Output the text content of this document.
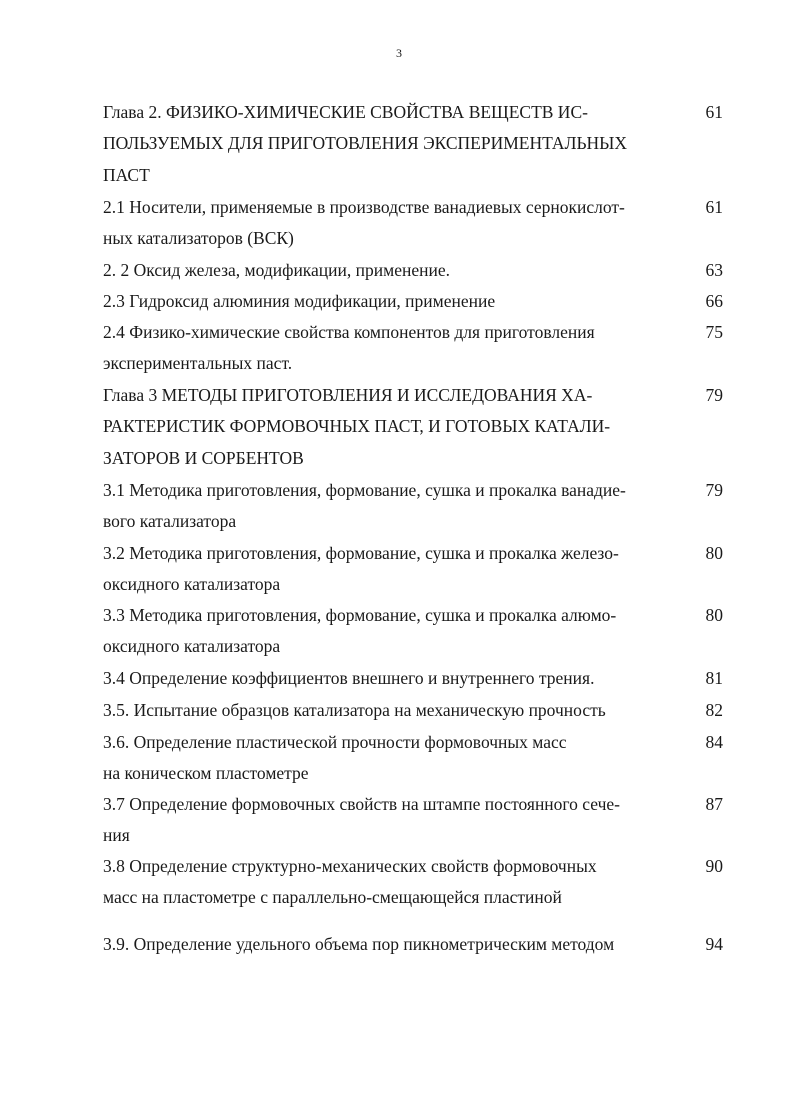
3
Глава 2. ФИЗИКО-ХИМИЧЕСКИЕ СВОЙСТВА ВЕЩЕСТВ ИС-
ПОЛЬЗУЕМЫХ ДЛЯ ПРИГОТОВЛЕНИЯ ЭКСПЕРИМЕНТАЛЬНЫХ
ПАСТ
61
2.1 Носители, применяемые в производстве ванадиевых сернокислот-
ных катализаторов (ВСК)
61
2. 2 Оксид железа, модификации, применение.	63
2.3 Гидроксид алюминия модификации, применение	66
2.4 Физико-химические свойства компонентов для приготовления
экспериментальных паст.
75
Глава 3 МЕТОДЫ ПРИГОТОВЛЕНИЯ И ИССЛЕДОВАНИЯ ХА-
РАКТЕРИСТИК ФОРМОВОЧНЫХ ПАСТ, И ГОТОВЫХ КАТАЛИ-
ЗАТОРОВ И СОРБЕНТОВ
79
3.1 Методика приготовления, формование, сушка и прокалка ванадие-
вого катализатора
79
3.2 Методика приготовления, формование, сушка и прокалка железо-
оксидного катализатора
80
3.3 Методика приготовления, формование, сушка и прокалка алюмо-
оксидного катализатора
80
3.4 Определение коэффициентов внешнего и внутреннего трения.	81
3.5. Испытание образцов катализатора на механическую прочность	82
3.6. Определение пластической прочности формовочных масс
на коническом пластометре
84
3.7 Определение формовочных свойств на штампе постоянного сече-
ния
87
3.8 Определение структурно-механических свойств формовочных
масс на пластометре с параллельно-смещающейся пластиной
90
3.9. Определение удельного объема пор пикнометрическим методом	94
